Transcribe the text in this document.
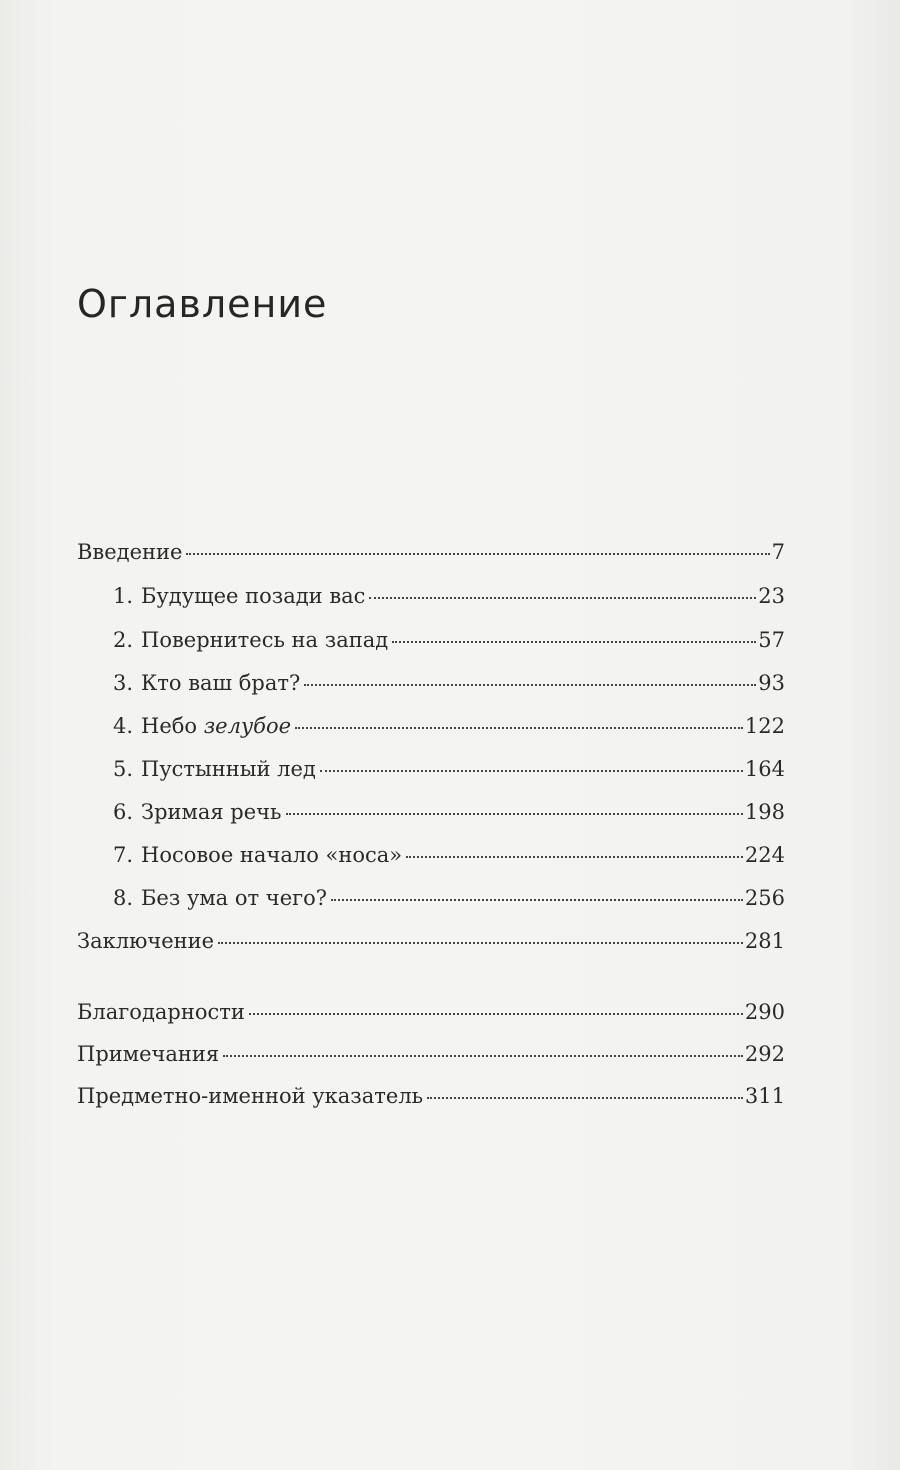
Оглавление
Введение	7
1. Будущее позади вас	23
2. Повернитесь на запад	57
3. Кто ваш брат?	93
4. Небо зелубое	122
5. Пустынный лед	164
6. Зримая речь	198
7. Носовое начало «носа»	224
8. Без ума от чего?	256
Заключение	281
Благодарности	290
Примечания	292
Предметно-именной указатель	311
